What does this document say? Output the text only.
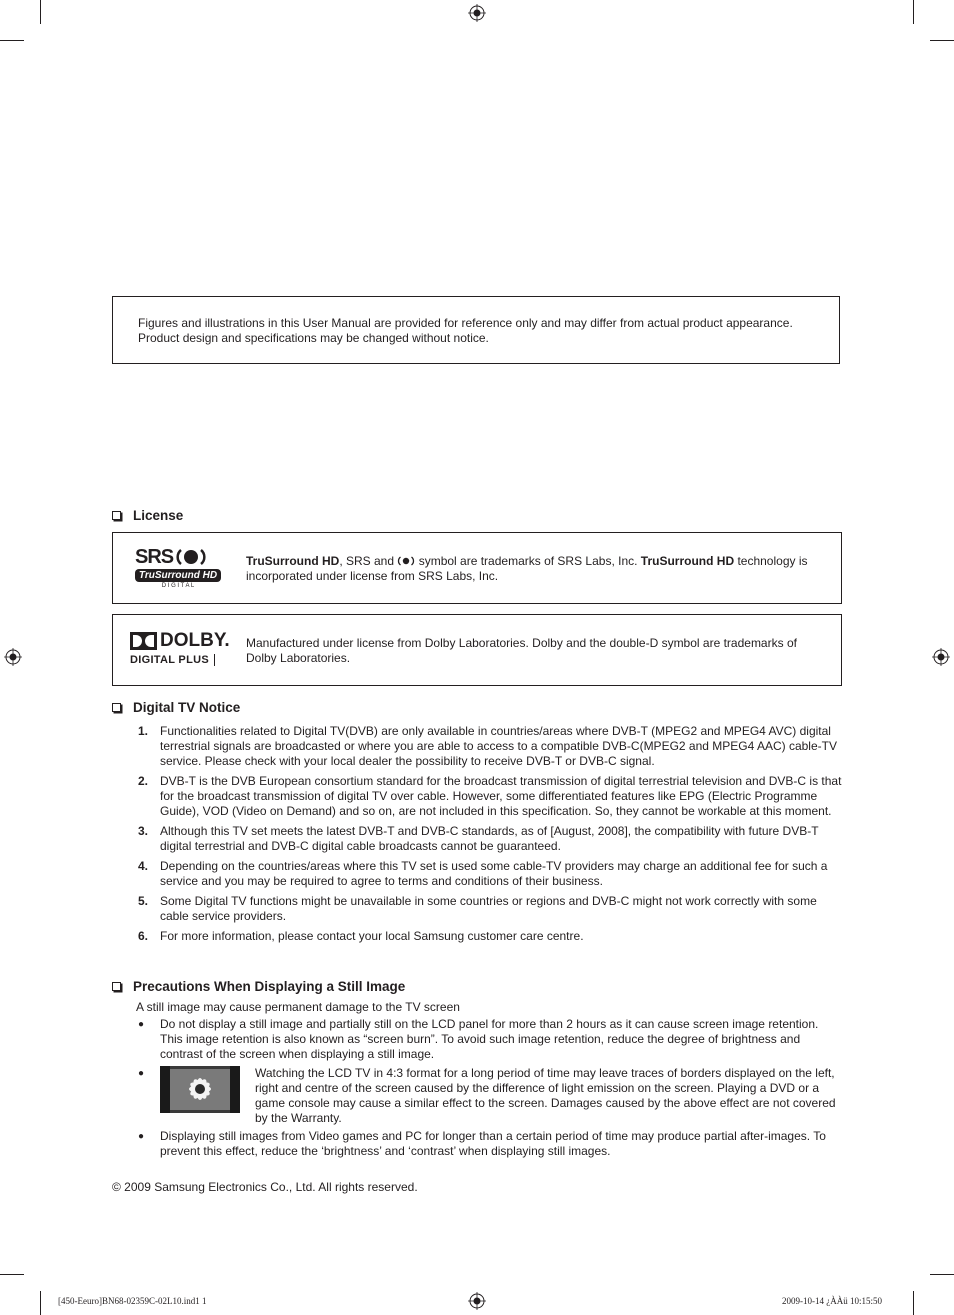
Figures and illustrations in this User Manual are provided for reference only and may differ from actual product appearance.
Product design and specifications may be changed without notice.
License
SRS
TruSurround HD
D I G I T A L
TruSurround HD, SRS and  symbol are trademarks of SRS Labs, Inc. TruSurround HD technology is incorporated under license from SRS Labs, Inc.
DOLBY.
DIGITAL PLUS
Manufactured under license from Dolby Laboratories. Dolby and the double-D symbol are trademarks of Dolby Laboratories.
Digital TV Notice
1. Functionalities related to Digital TV(DVB) are only available in countries/areas where DVB-T (MPEG2 and MPEG4 AVC) digital terrestrial signals are broadcasted or where you are able to access to a compatible DVB-C(MPEG2 and MPEG4 AAC) cable-TV service. Please check with your local dealer the possibility to receive DVB-T or DVB-C signal.
2. DVB-T is the DVB European consortium standard for the broadcast transmission of digital terrestrial television and DVB-C is that for the broadcast transmission of digital TV over cable. However, some differentiated features like EPG (Electric Programme Guide), VOD (Video on Demand) and so on, are not included in this specification. So, they cannot be workable at this moment.
3. Although this TV set meets the latest DVB-T and DVB-C standards, as of [August, 2008], the compatibility with future DVB-T digital terrestrial and DVB-C digital cable broadcasts cannot be guaranteed.
4. Depending on the countries/areas where this TV set is used some cable-TV providers may charge an additional fee for such a service and you may be required to agree to terms and conditions of their business.
5. Some Digital TV functions might be unavailable in some countries or regions and DVB-C might not work correctly with some cable service providers.
6. For more information, please contact your local Samsung customer care centre.
Precautions When Displaying a Still Image
A still image may cause permanent damage to the TV screen
●	Do not display a still image and partially still on the LCD panel for more than 2 hours as it can cause screen image retention. This image retention is also known as “screen burn”. To avoid such image retention, reduce the degree of brightness and contrast of the screen when displaying a still image.
●	Watching the LCD TV in 4:3 format for a long period of time may leave traces of borders displayed on the left, right and centre of the screen caused by the difference of light emission on the screen. Playing a DVD or a game console may cause a similar effect to the screen. Damages caused by the above effect are not covered by the Warranty.
●	Displaying still images from Video games and PC for longer than a certain period of time may produce partial after-images. To prevent this effect, reduce the ‘brightness’ and ‘contrast’ when displaying still images.
© 2009 Samsung Electronics Co., Ltd. All rights reserved.
[450-Eeuro]BN68-02359C-02L10.ind1 1	2009-10-14 ¿ÀÀü 10:15:50
